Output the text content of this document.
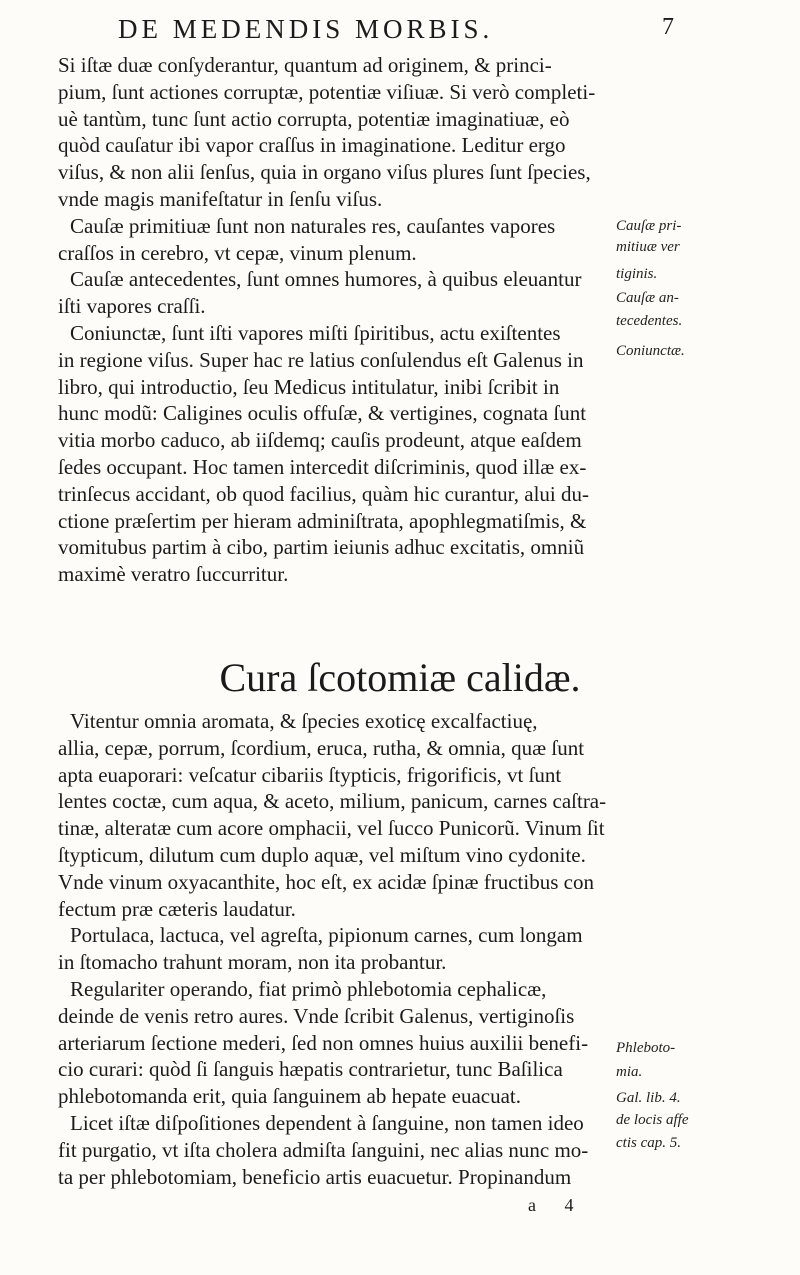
DE MEDENDIS MORBIS.	7
Si iſtæ duæ conſyderantur, quantum ad originem, & princi-
pium, ſunt actiones corruptæ, potentiæ viſiuæ. Si verò completi-
uè tantùm, tunc ſunt actio corrupta, potentiæ imaginatiuæ, eò
quòd cauſatur ibi vapor craſſus in imaginatione. Leditur ergo
viſus, & non alii ſenſus, quia in organo viſus plures ſunt ſpecies,
vnde magis manifeſtatur in ſenſu viſus.
Cauſæ primitiuæ ſunt non naturales res, cauſantes vapores
craſſos in cerebro, vt cepæ, vinum plenum.
Cauſæ antecedentes, ſunt omnes humores, à quibus eleuantur
iſti vapores craſſi.
Coniunctæ, ſunt iſti vapores miſti ſpiritibus, actu exiſtentes
in regione viſus. Super hac re latius conſulendus eſt Galenus in
libro, qui introductio, ſeu Medicus intitulatur, inibi ſcribit in
hunc modũ: Caligines oculis offuſæ, & vertigines, cognata ſunt
vitia morbo caduco, ab iiſdemq; cauſis prodeunt, atque eaſdem
ſedes occupant. Hoc tamen intercedit diſcriminis, quod illæ ex-
trinſecus accidant, ob quod facilius, quàm hic curantur, alui du-
ctione præſertim per hieram adminiſtrata, apophlegmatiſmis, &
vomitubus partim à cibo, partim ieiunis adhuc excitatis, omniũ
maximè veratro ſuccurritur.
Cura ſcotomiæ calidæ.
Vitentur omnia aromata, & ſpecies exoticę excalfactiuę,
allia, cepæ, porrum, ſcordium, eruca, rutha, & omnia, quæ ſunt
apta euaporari: veſcatur cibariis ſtypticis, frigorificis, vt ſunt
lentes coctæ, cum aqua, & aceto, milium, panicum, carnes caſtra-
tinæ, alteratæ cum acore omphacii, vel ſucco Punicorũ. Vinum ſit
ſtypticum, dilutum cum duplo aquæ, vel miſtum vino cydonite.
Vnde vinum oxyacanthite, hoc eſt, ex acidæ ſpinæ fructibus con
fectum præ cæteris laudatur.
Portulaca, lactuca, vel agreſta, pipionum carnes, cum longam
in ſtomacho trahunt moram, non ita probantur.
Regulariter operando, fiat primò phlebotomia cephalicæ,
deinde de venis retro aures. Vnde ſcribit Galenus, vertiginoſis
arteriarum ſectione mederi, ſed non omnes huius auxilii benefi-
cio curari: quòd ſi ſanguis hæpatis contrarietur, tunc Baſilica
phlebotomanda erit, quia ſanguinem ab hepate euacuat.
Licet iſtæ diſpoſitiones dependent à ſanguine, non tamen ideo
fit purgatio, vt iſta cholera admiſta ſanguini, nec alias nunc mo-
ta per phlebotomiam, beneficio artis euacuetur. Propinandum
Cauſæ pri-
mitiuæ ver
tiginis.
Cauſæ an-
tecedentes.
Coniunctæ.
Phleboto-
mia.
Gal. lib. 4.
de locis affe
ctis cap. 5.
a 4
